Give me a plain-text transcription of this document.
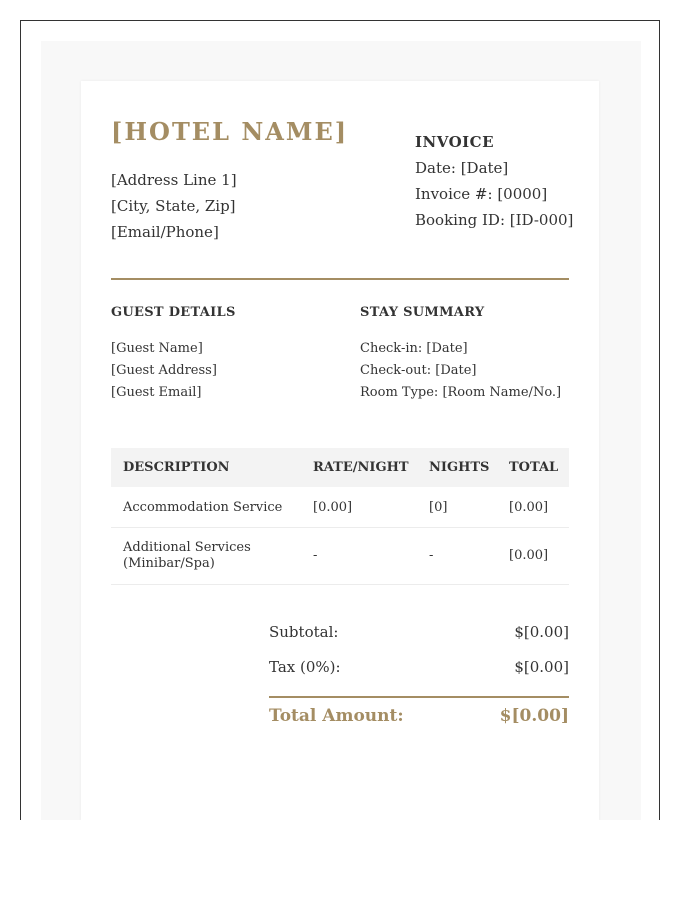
[HOTEL NAME]
[Address Line 1]
[City, State, Zip]
[Email/Phone]
INVOICE
Date: [Date]
Invoice #: [0000]
Booking ID: [ID-000]
GUEST DETAILS
[Guest Name]
[Guest Address]
[Guest Email]
STAY SUMMARY
Check-in: [Date]
Check-out: [Date]
Room Type: [Room Name/No.]
DESCRIPTION	RATE/NIGHT	NIGHTS	TOTAL
Accommodation Service	[0.00]	[0]	[0.00]

Additional Services
(Minibar/Spa)	-	-	[0.00]
Subtotal:	$[0.00]
Tax (0%):	$[0.00]
Total Amount:	$[0.00]
